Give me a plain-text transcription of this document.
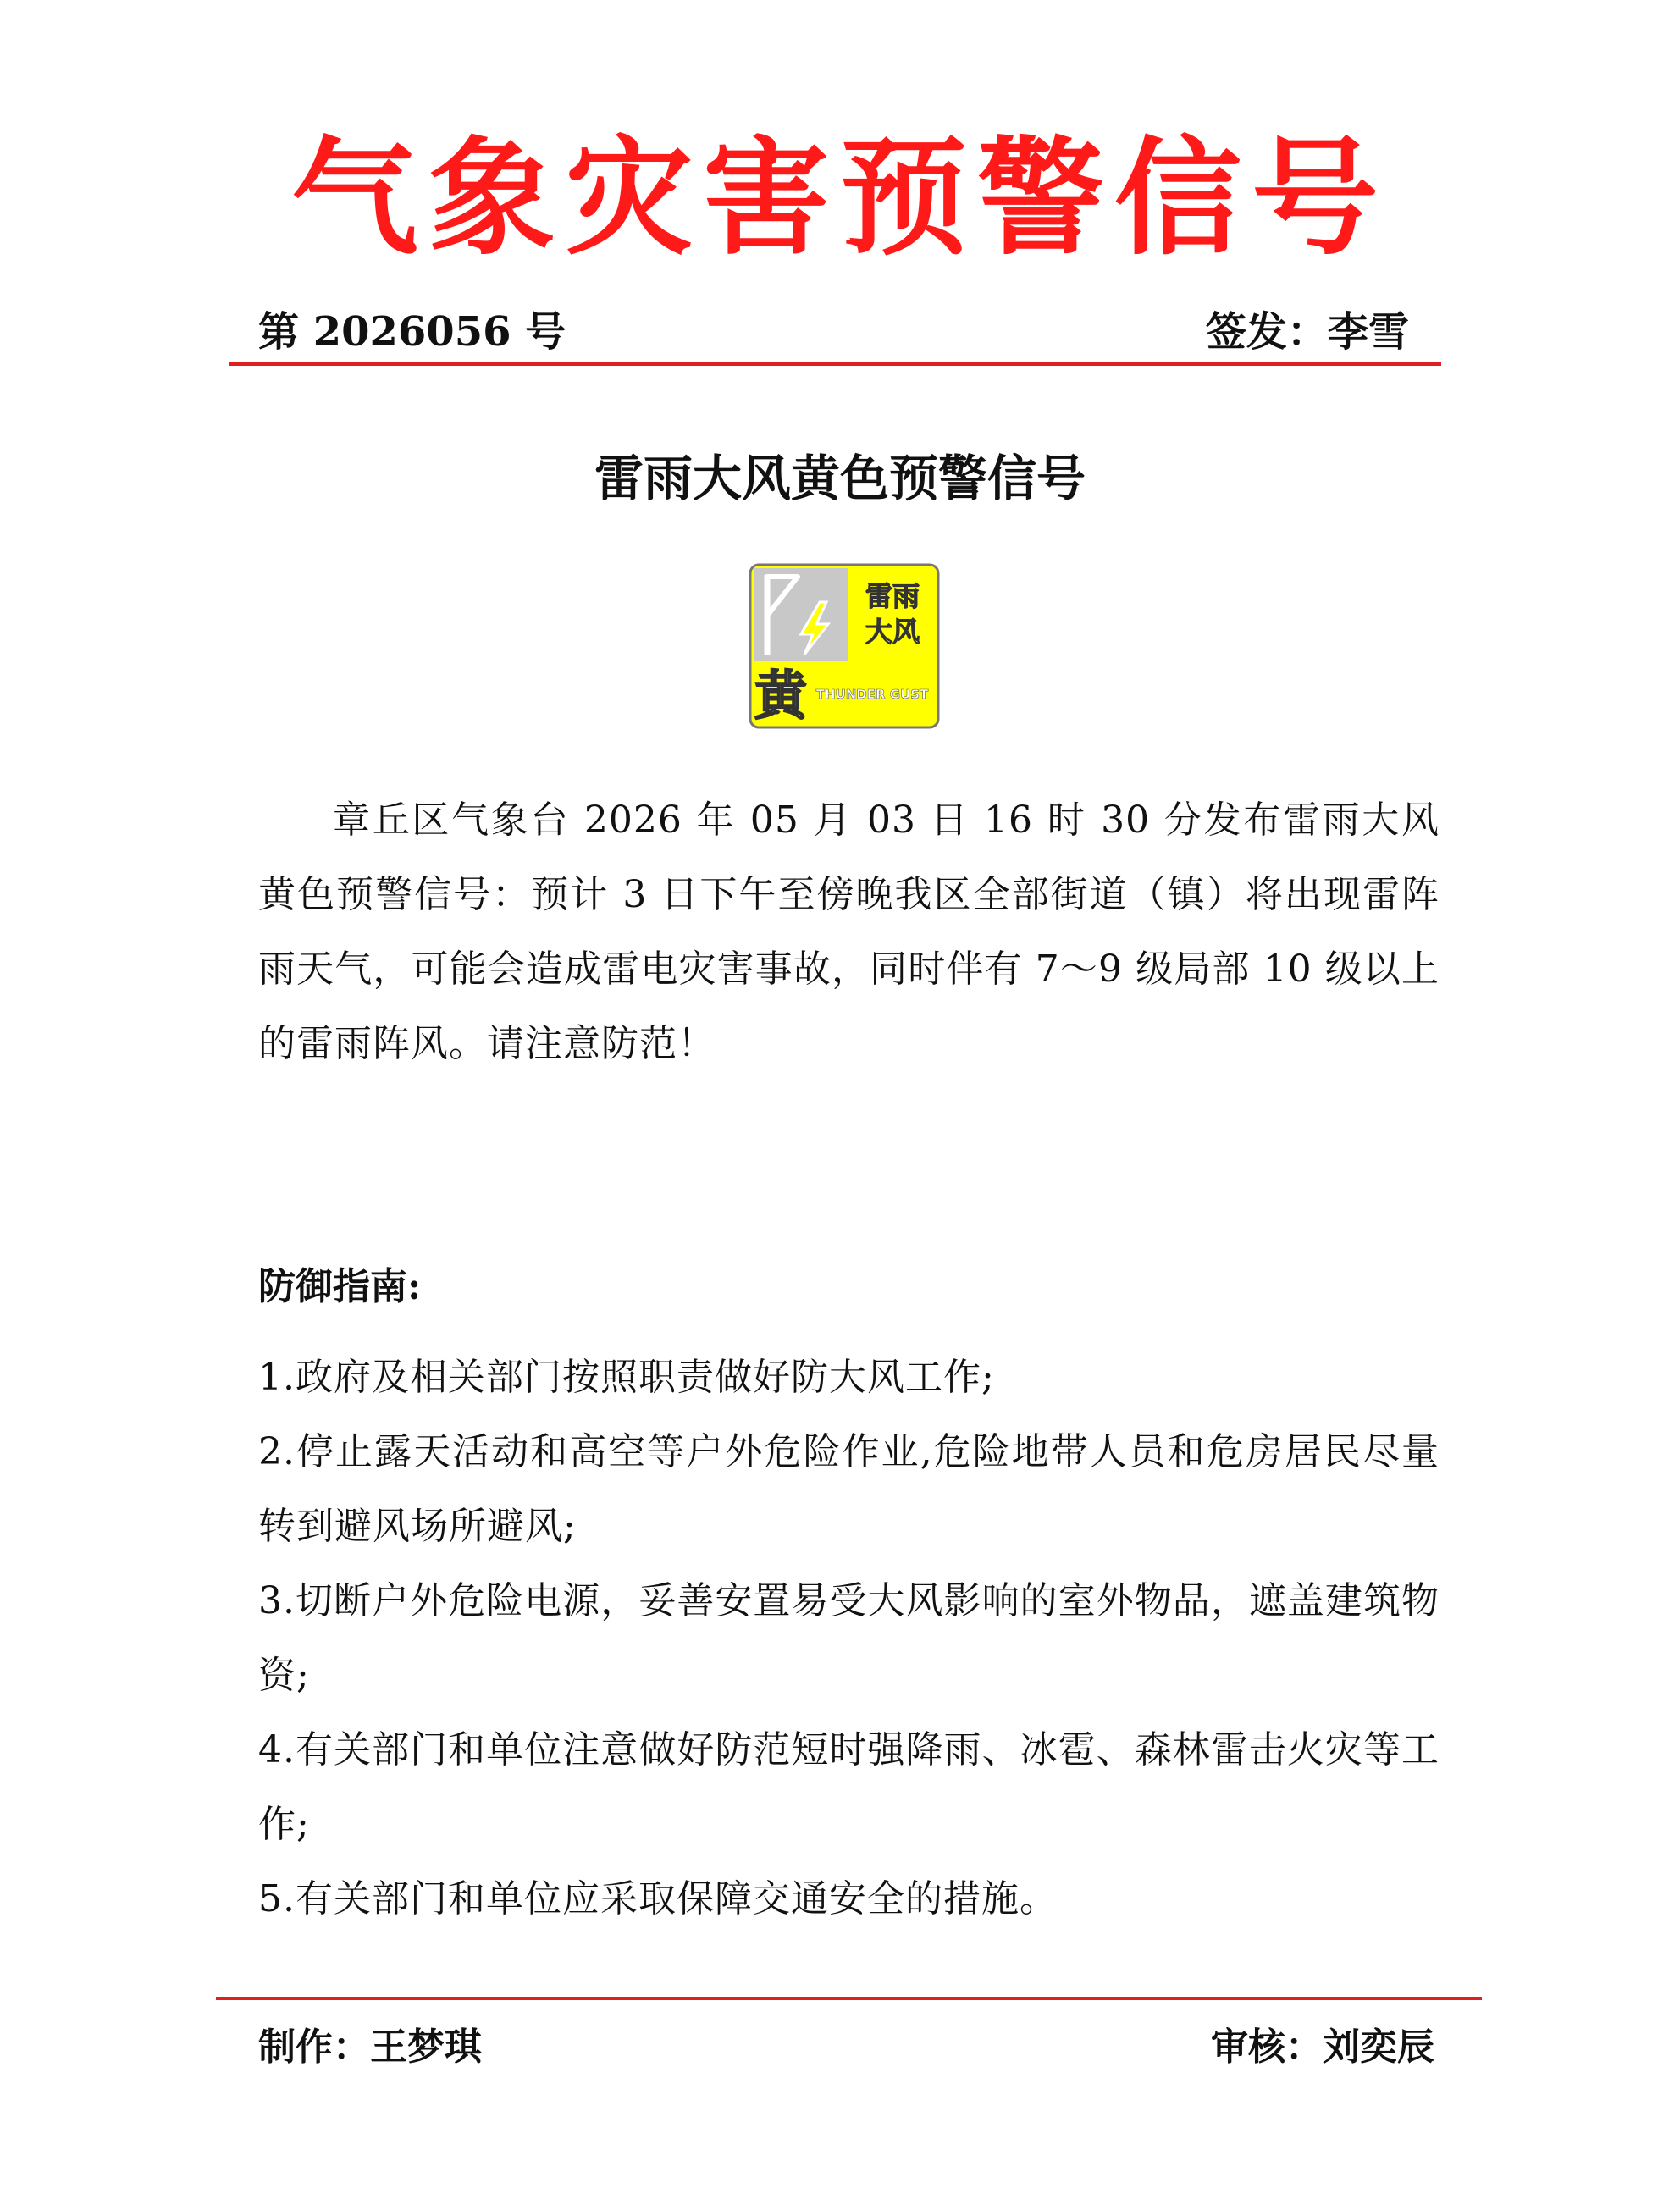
气象灾害预警信号
第 2026056 号	签发：李雪
雷雨大风黄色预警信号
雷雨
大风
黄 THUNDER GUST

章丘区气象台 2026 年 05 月 03 日 16 时 30 分发布雷雨大风黄色预警信号：预计 3 日下午至傍晚我区全部街道（镇）将出现雷阵雨天气，可能会造成雷电灾害事故，同时伴有 7～9 级局部 10 级以上的雷雨阵风。请注意防范！

防御指南:

1.政府及相关部门按照职责做好防大风工作;
2.停止露天活动和高空等户外危险作业,危险地带人员和危房居民尽量转到避风场所避风;
3.切断户外危险电源，妥善安置易受大风影响的室外物品，遮盖建筑物资;
4.有关部门和单位注意做好防范短时强降雨、冰雹、森林雷击火灾等工作;
5.有关部门和单位应采取保障交通安全的措施。
制作：王梦琪	审核：刘奕辰
